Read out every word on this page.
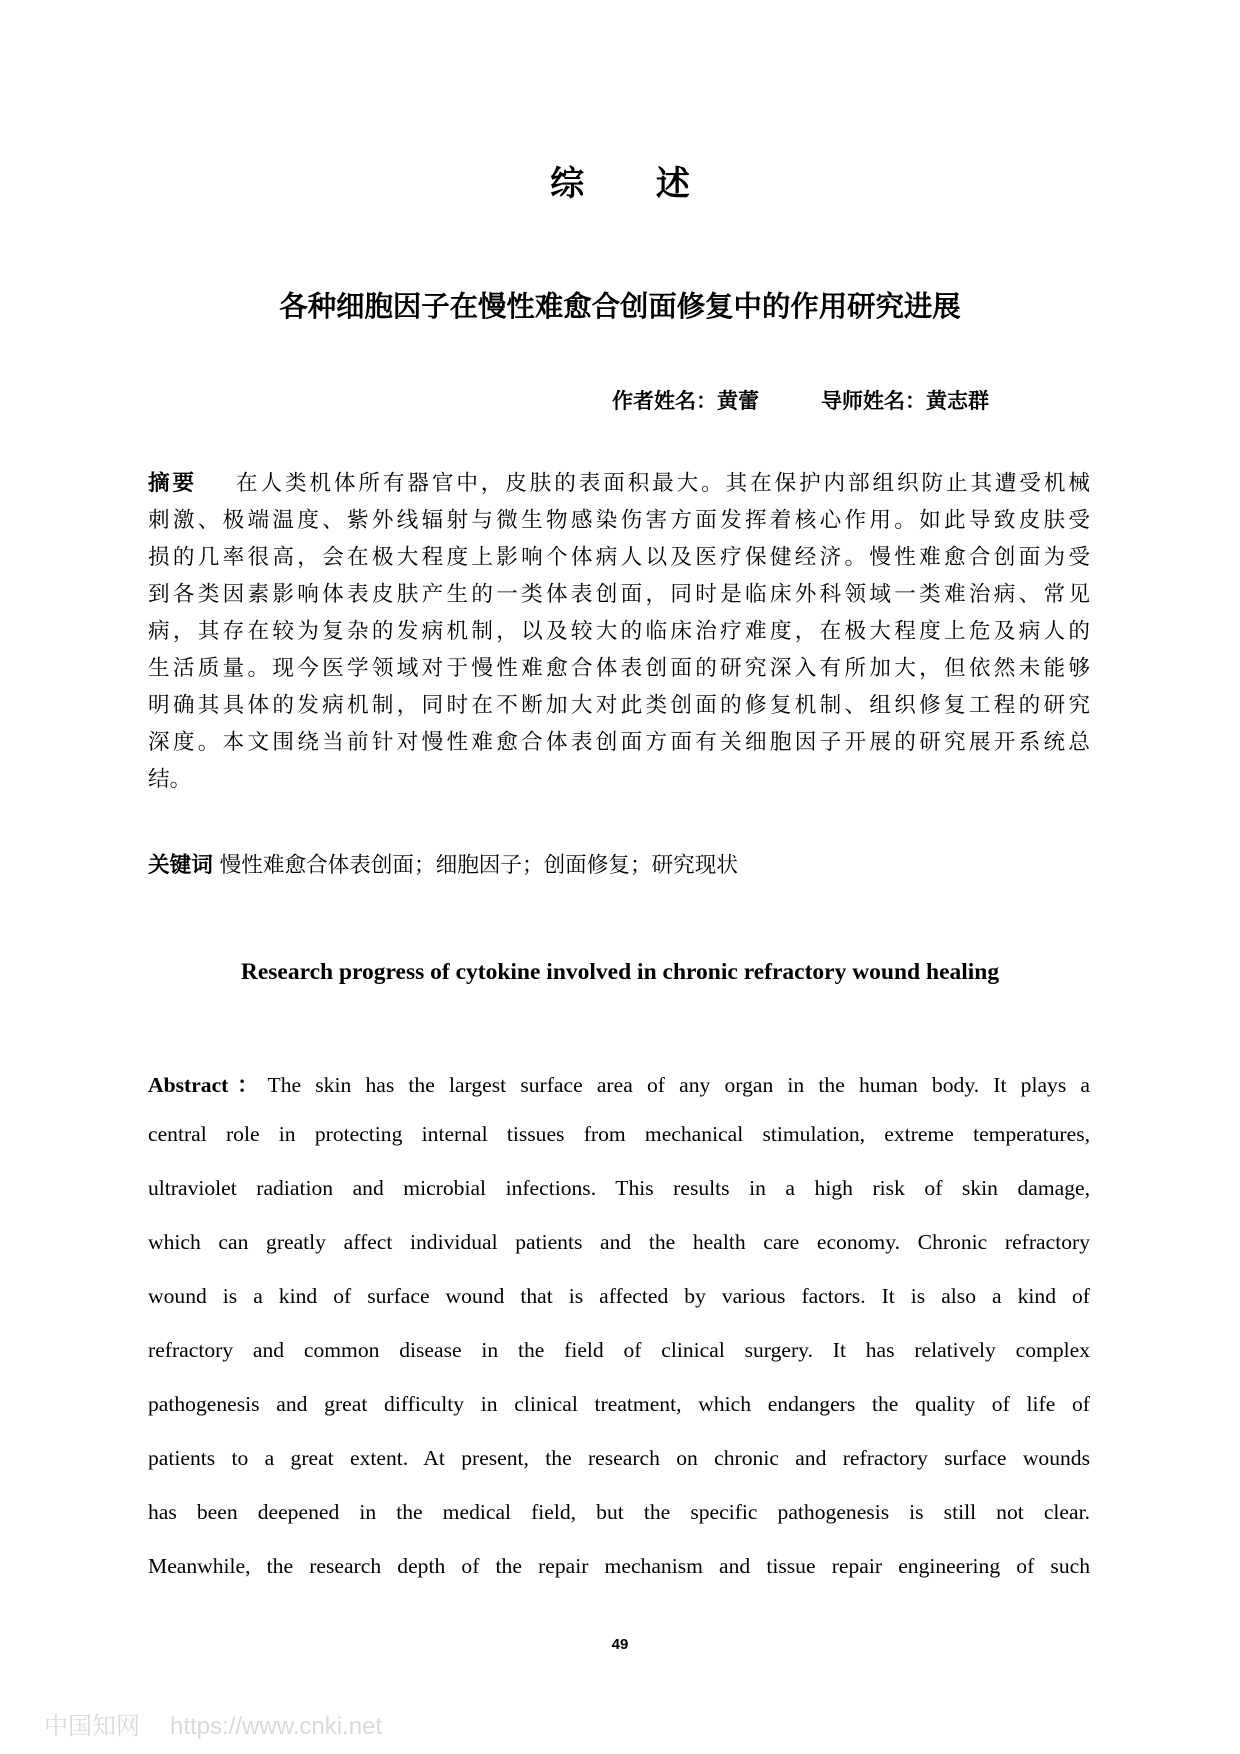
综 述
各种细胞因子在慢性难愈合创面修复中的作用研究进展
作者姓名：黄蕾	导师姓名：黄志群
摘要 在人类机体所有器官中，皮肤的表面积最大。其在保护内部组织防止其遭受机械
刺激、极端温度、紫外线辐射与微生物感染伤害方面发挥着核心作用。如此导致皮肤受
损的几率很高，会在极大程度上影响个体病人以及医疗保健经济。慢性难愈合创面为受
到各类因素影响体表皮肤产生的一类体表创面，同时是临床外科领域一类难治病、常见
病，其存在较为复杂的发病机制，以及较大的临床治疗难度，在极大程度上危及病人的
生活质量。现今医学领域对于慢性难愈合体表创面的研究深入有所加大，但依然未能够
明确其具体的发病机制，同时在不断加大对此类创面的修复机制、组织修复工程的研究
深度。本文围绕当前针对慢性难愈合体表创面方面有关细胞因子开展的研究展开系统总
结。
关键词 慢性难愈合体表创面；细胞因子；创面修复；研究现状
Research progress of cytokine involved in chronic refractory wound healing
Abstract：The skin has the largest surface area of any organ in the human body. It plays a
central role in protecting internal tissues from mechanical stimulation, extreme temperatures,
ultraviolet radiation and microbial infections. This results in a high risk of skin damage,
which can greatly affect individual patients and the health care economy. Chronic refractory
wound is a kind of surface wound that is affected by various factors. It is also a kind of
refractory and common disease in the field of clinical surgery. It has relatively complex
pathogenesis and great difficulty in clinical treatment, which endangers the quality of life of
patients to a great extent. At present, the research on chronic and refractory surface wounds
has been deepened in the medical field, but the specific pathogenesis is still not clear.
Meanwhile, the research depth of the repair mechanism and tissue repair engineering of such
49
中国知网 https://www.cnki.net
